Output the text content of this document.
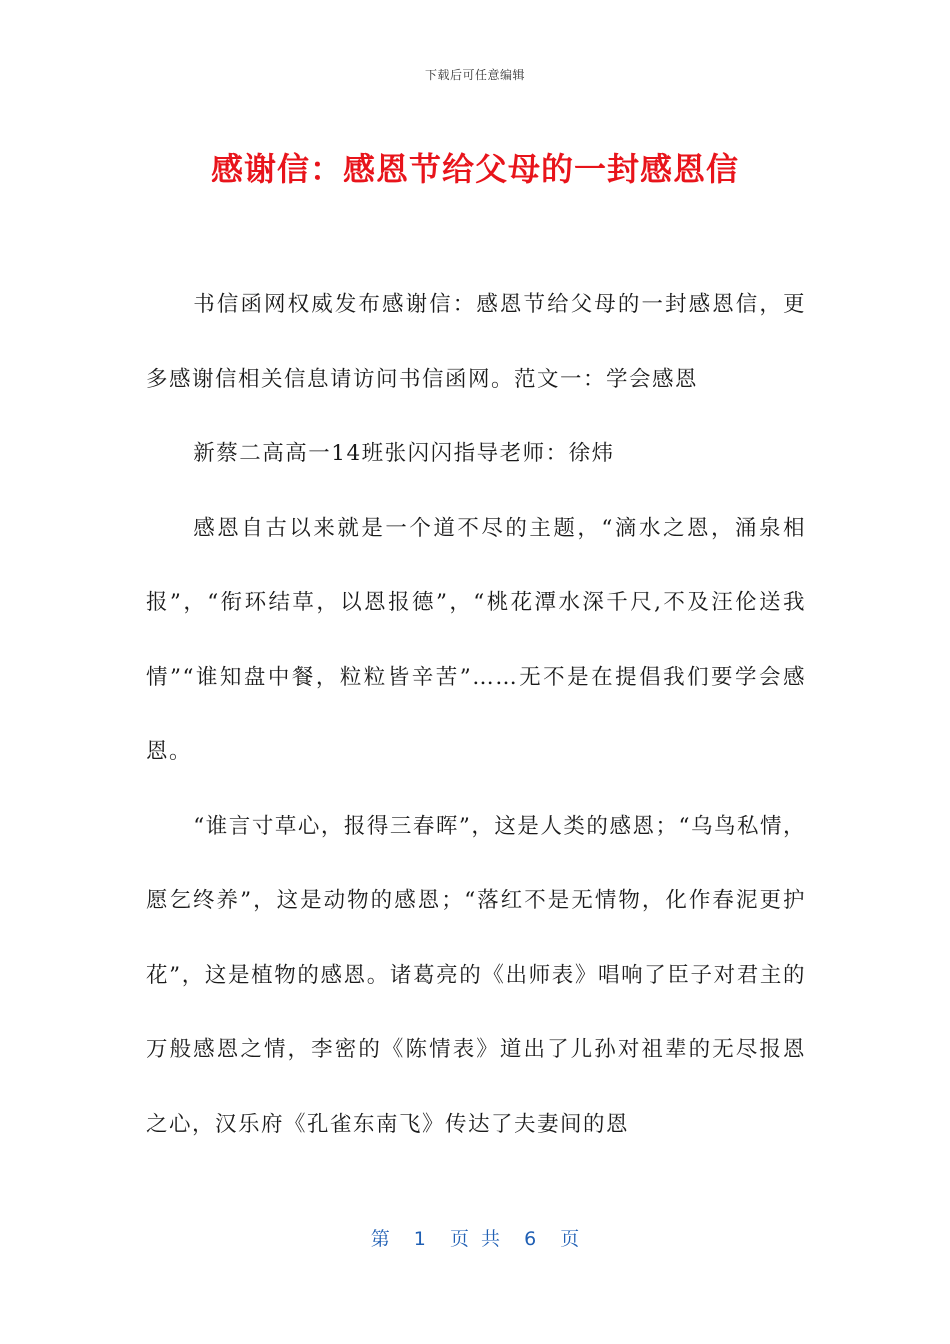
下载后可任意编辑
感谢信：感恩节给父母的一封感恩信

书信函网权威发布感谢信：感恩节给父母的一封感恩信，更多感谢信相关信息请访问书信函网。范文一：学会感恩

新蔡二高高一14班张闪闪指导老师：徐炜

感恩自古以来就是一个道不尽的主题，“滴水之恩，涌泉相报”，“衔环结草，以恩报德”，“桃花潭水深千尺,不及汪伦送我情”“谁知盘中餐，粒粒皆辛苦”……无不是在提倡我们要学会感恩。

“谁言寸草心，报得三春晖”，这是人类的感恩；“乌鸟私情，愿乞终养”，这是动物的感恩；“落红不是无情物，化作春泥更护花”，这是植物的感恩。诸葛亮的《出师表》唱响了臣子对君主的万般感恩之情，李密的《陈情表》道出了儿孙对祖辈的无尽报恩之心，汉乐府《孔雀东南飞》传达了夫妻间的恩

第  1  页 共  6  页
